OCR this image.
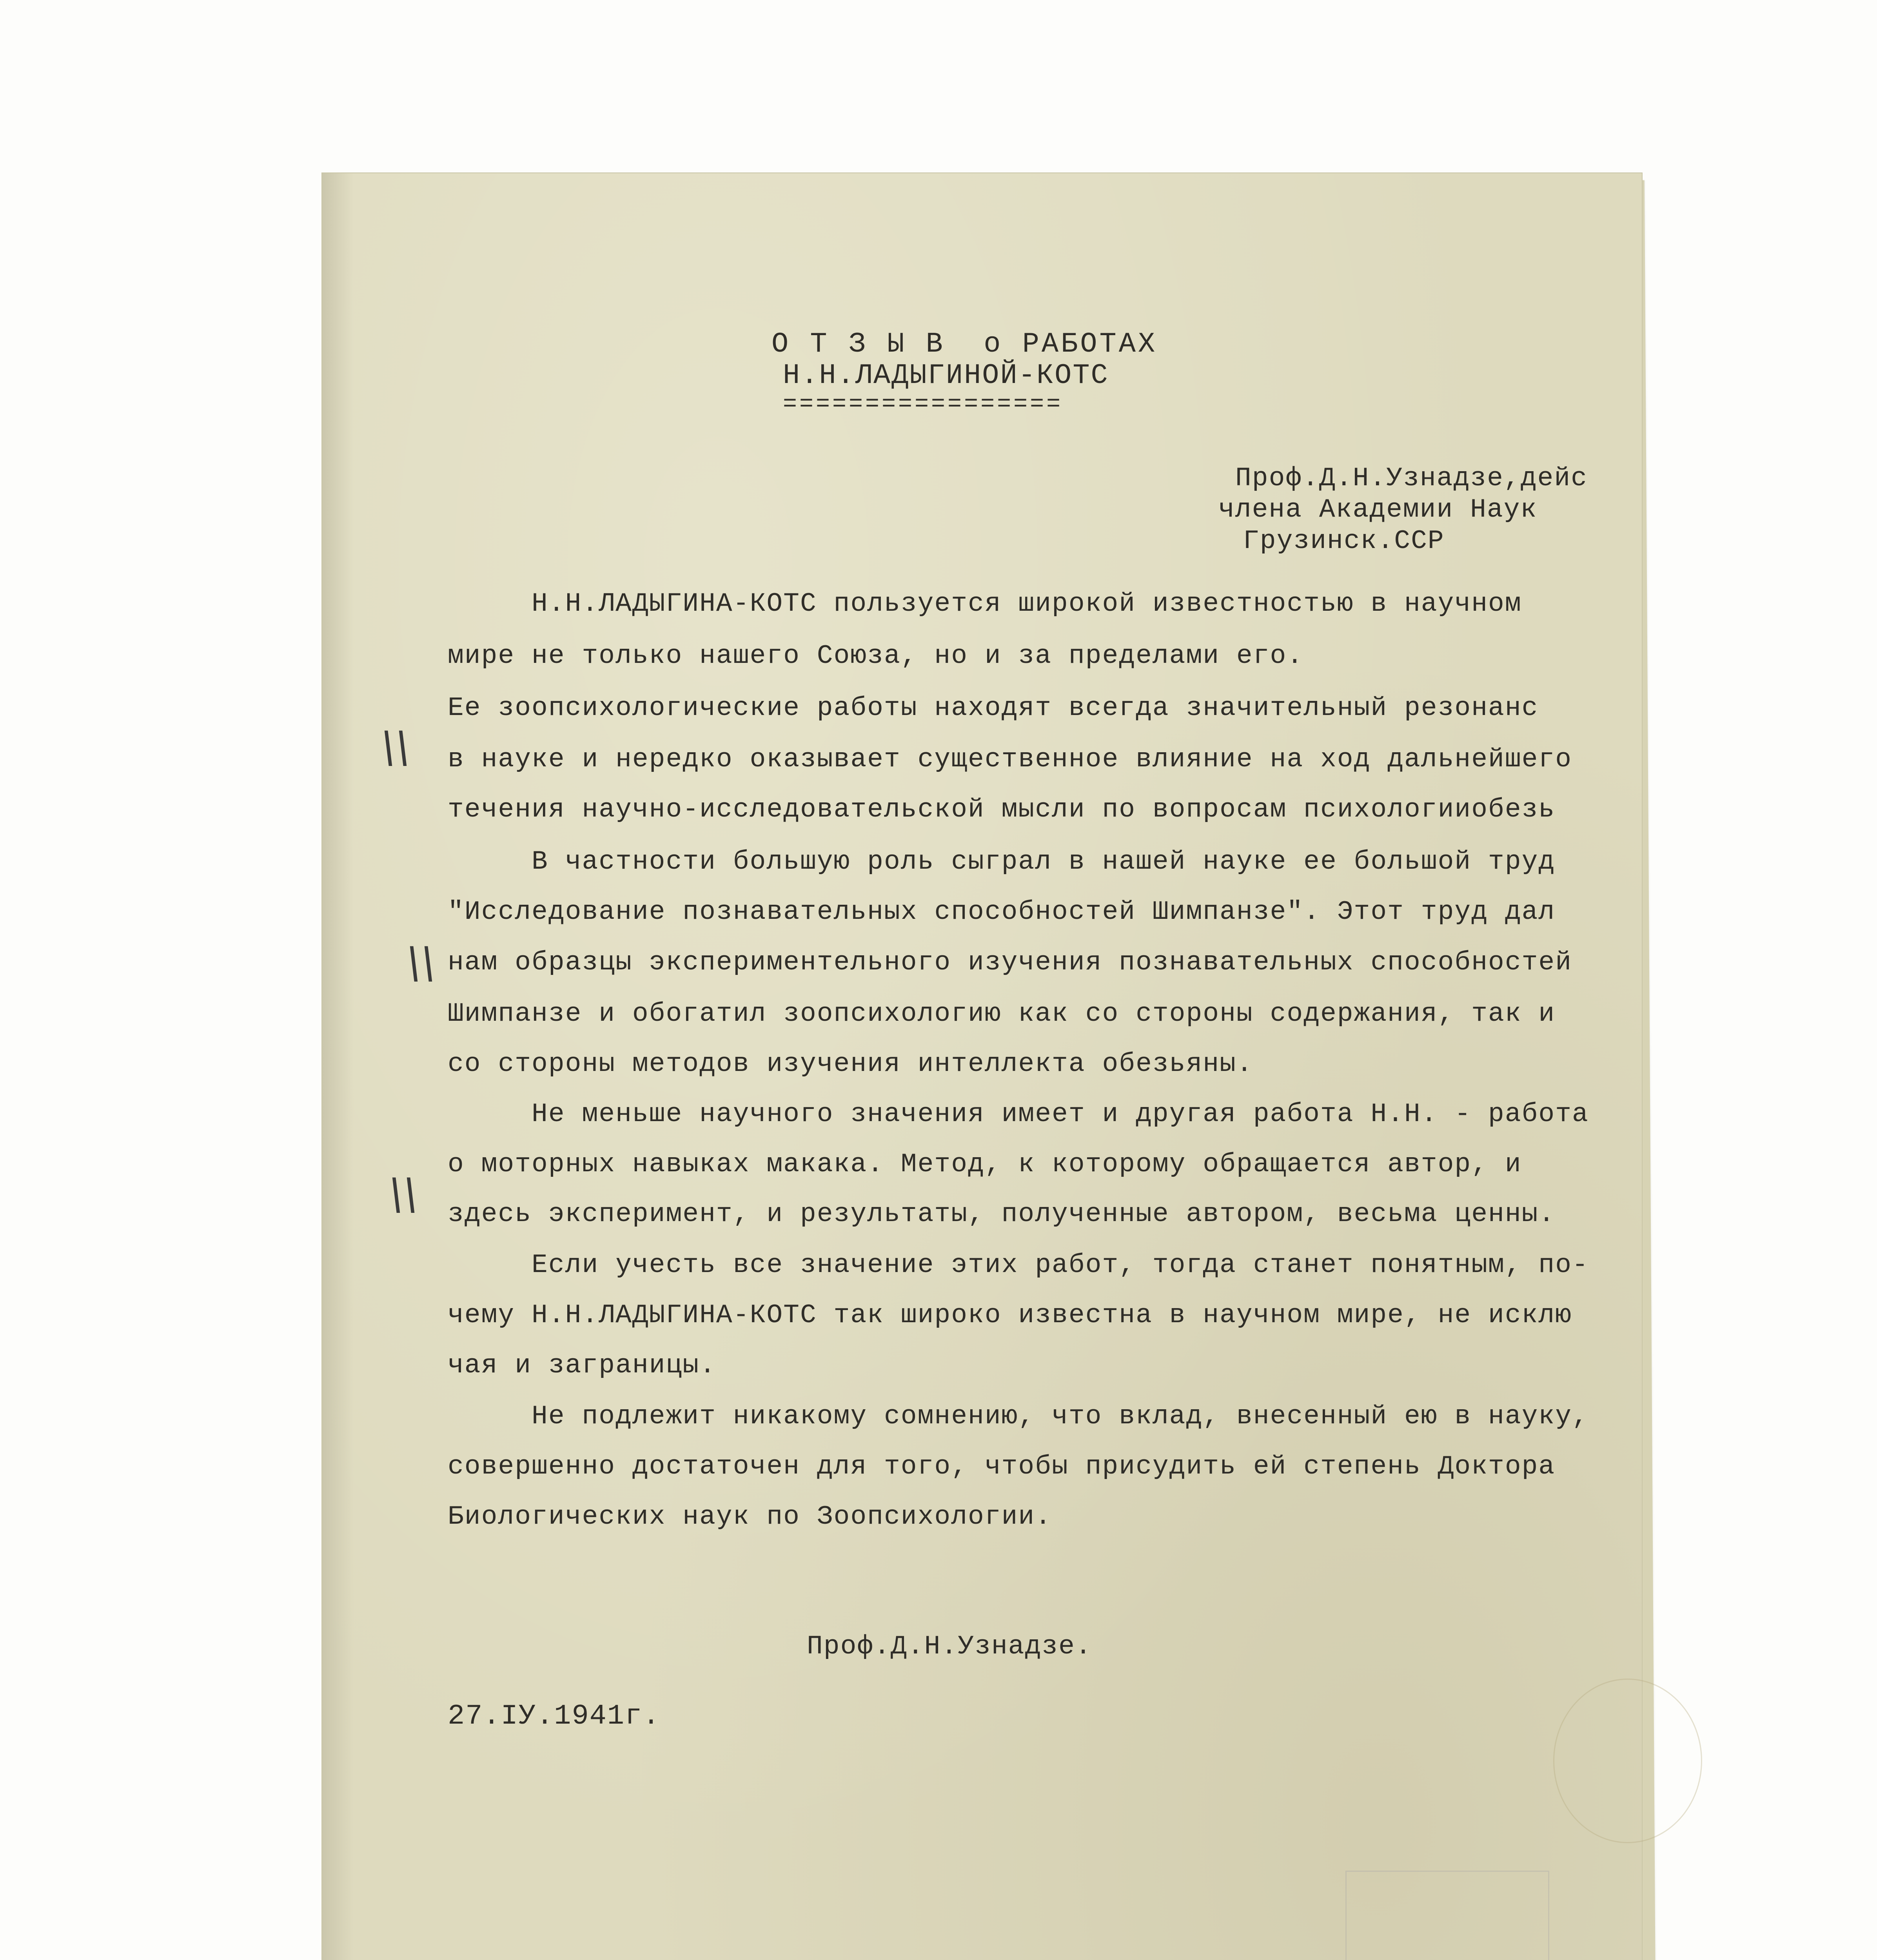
О Т З Ы В  о РАБОТАХ
Н.Н.ЛАДЫГИНОЙ-КОТС
=================
Проф.Д.Н.Узнадзе,дейс
члена Академии Наук
Грузинск.ССР
Н.Н.ЛАДЫГИНА-КОТС пользуется широкой известностью в научном
мире не только нашего Союза, но и за пределами его.
Ее зоопсихологические работы находят всегда значительный резонанс
в науке и нередко оказывает существенное влияние на ход дальнейшего
течения научно-исследовательской мысли по вопросам психологииобезь
В частности большую роль сыграл в нашей науке ее большой труд
"Исследование познавательных способностей Шимпанзе". Этот труд дал
нам образцы экспериментельного изучения познавательных способностей
Шимпанзе и обогатил зоопсихологию как со стороны содержания, так и
со стороны методов изучения интеллекта обезьяны.
Не меньше научного значения имеет и другая работа Н.Н. - работа
о моторных навыках макака. Метод, к которому обращается автор, и
здесь эксперимент, и результаты, полученные автором, весьма ценны.
Если учесть все значение этих работ, тогда станет понятным, по-
чему Н.Н.ЛАДЫГИНА-КОТС так широко известна в научном мире, не исклю
чая и заграницы.
Не подлежит никакому сомнению, что вклад, внесенный ею в науку,
совершенно достаточен для того, чтобы присудить ей степень Доктора
Биологических наук по Зоопсихологии.
Проф.Д.Н.Узнадзе.
27.IУ.1941г.
\\
\\
\\
